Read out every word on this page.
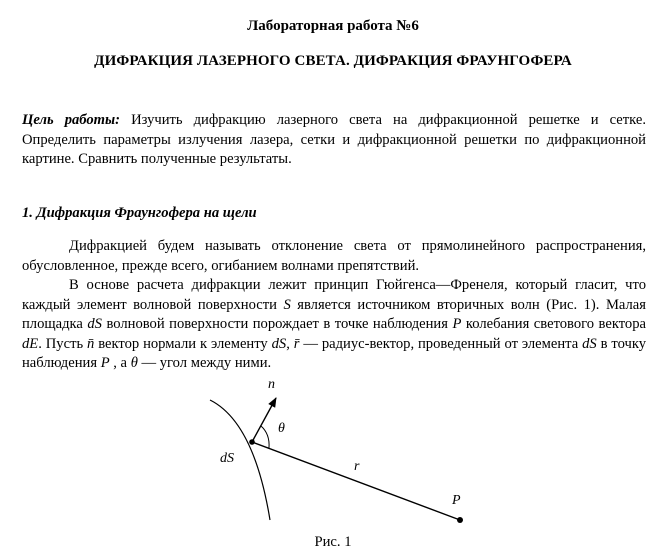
Лабораторная работа №6
ДИФРАКЦИЯ ЛАЗЕРНОГО СВЕТА. ДИФРАКЦИЯ ФРАУНГОФЕРА
Цель работы: Изучить дифракцию лазерного света на дифракционной решетке и сетке. Определить параметры излучения лазера, сетки и дифракционной решетки по дифракционной картине. Сравнить полученные результаты.
1. Дифракция Фраунгофера на щели
Дифракцией будем называть отклонение света от прямолинейного распространения, обусловленное, прежде всего, огибанием волнами препятствий.
В основе расчета дифракции лежит принцип Гюйгенса—Френеля, который гласит, что каждый элемент волновой поверхности S является источником вторичных волн (Рис. 1). Малая площадка dS волновой поверхности порождает в точке наблюдения P колебания светового вектора dE. Пусть n̄ вектор нормали к элементу dS, r̄ — радиус-вектор, проведенный от элемента dS в точку наблюдения P , а θ — угол между ними.
n
θ
dS
r
P
Рис. 1
